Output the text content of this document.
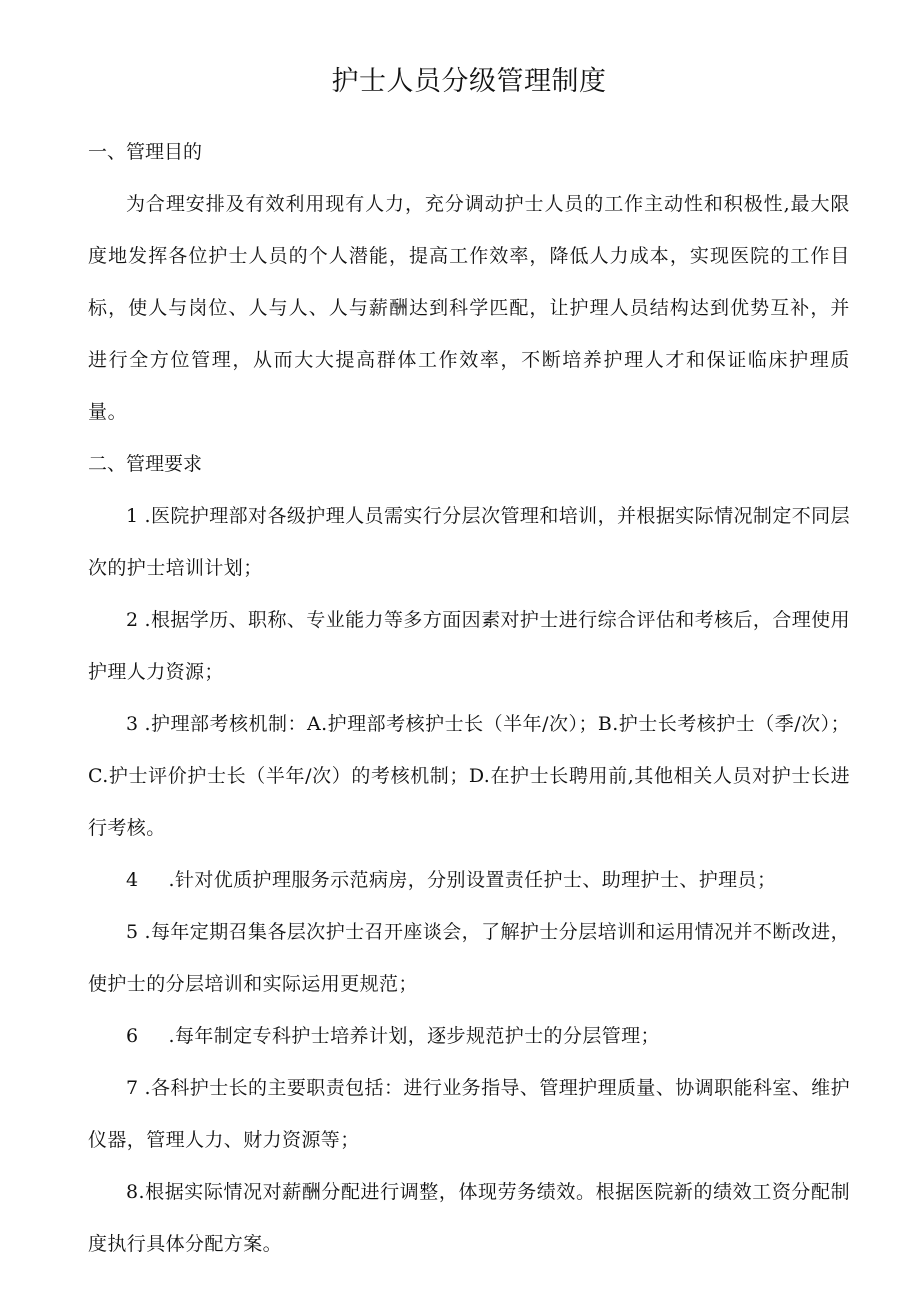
护士人员分级管理制度

一、管理目的

为合理安排及有效利用现有人力，充分调动护士人员的工作主动性和积极性,最大限度地发挥各位护士人员的个人潜能，提高工作效率，降低人力成本，实现医院的工作目标，使人与岗位、人与人、人与薪酬达到科学匹配，让护理人员结构达到优势互补，并进行全方位管理，从而大大提高群体工作效率，不断培养护理人才和保证临床护理质量。

二、管理要求

1 .医院护理部对各级护理人员需实行分层次管理和培训，并根据实际情况制定不同层次的护士培训计划；

2 .根据学历、职称、专业能力等多方面因素对护士进行综合评估和考核后，合理使用护理人力资源；

3 .护理部考核机制：A.护理部考核护士长（半年/次）；B.护士长考核护士（季/次）；C.护士评价护士长（半年/次）的考核机制；D.在护士长聘用前,其他相关人员对护士长进行考核。

4 .针对优质护理服务示范病房，分别设置责任护士、助理护士、护理员；

5 .每年定期召集各层次护士召开座谈会，了解护士分层培训和运用情况并不断改进，使护士的分层培训和实际运用更规范；

6 .每年制定专科护士培养计划，逐步规范护士的分层管理；

7 .各科护士长的主要职责包括：进行业务指导、管理护理质量、协调职能科室、维护仪器，管理人力、财力资源等；

8.根据实际情况对薪酬分配进行调整，体现劳务绩效。根据医院新的绩效工资分配制度执行具体分配方案。
